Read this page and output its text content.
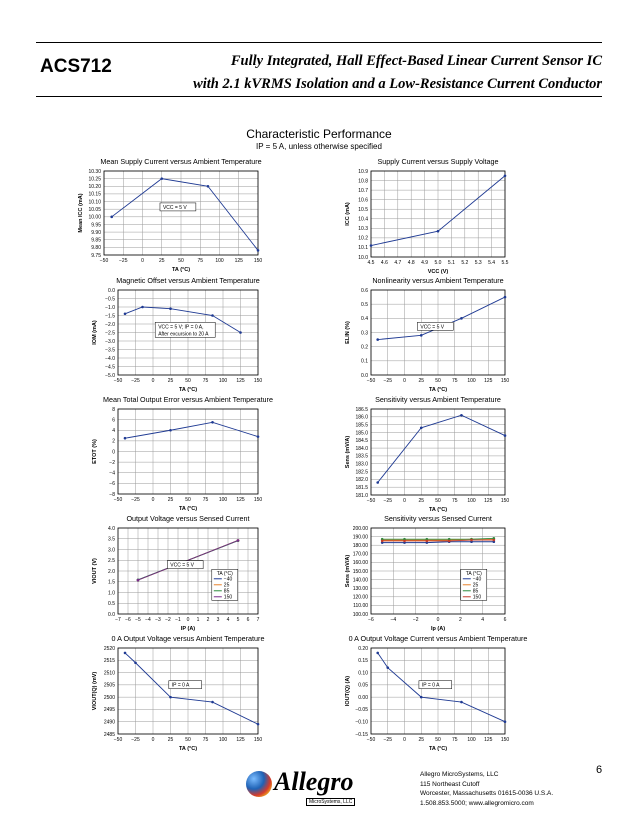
ACS712	Fully Integrated, Hall Effect-Based Linear Current Sensor IC
with 2.1 kVRMS Isolation and a Low-Resistance Current Conductor
Characteristic Performance
IP = 5 A, unless otherwise specified
Mean Supply Current versus Ambient Temperature
9.75
9.80
9.85
9.90
9.95
10.00
10.05
10.10
10.15
10.20
10.25
10.30
−50 −25	0	25	50	75 100 125 150
TA (°C)
Mean ICC (mA)	VCC = 5 V
Supply Current versus Supply Voltage
10.0
10.1
10.2
10.3
10.4
10.5
10.6
10.7
10.8
10.9
4.5 4.6 4.7 4.8 4.9 5.0 5.1 5.2 5.3 5.4 5.5
VCC (V)
ICC (mA)
Magnetic Offset versus Ambient Temperature
−5.0
−4.5
−4.0
−3.5
−3.0
−2.5
−2.0
−1.5
−1.0
−0.5
0.0
−50 −25 0	25 50 75 100 125 150
TA (°C)
IOM (mA)	VCC = 5 V; IP = 0 A,
After excursion to 20 A
Nonlinearity versus Ambient Temperature
0.0
0.1
0.2
0.3
0.4
0.5
0.6
−50 −25 0	25 50 75 100 125 150
TA (°C)
ELIN (%)	VCC = 5 V
Mean Total Output Error versus Ambient Temperature
−8
−6
−4
−2
0
2
4
6
8
−50 −25 0	25 50 75 100 125 150
TA (°C)
ETOT (%)
Sensitivity versus Ambient Temperature
181.0
181.5
182.0
182.5
183.0
183.5
184.0
184.5
185.0
185.5
186.0
186.5
−50 −25 0	25 50 75 100 125 150
TA (°C)
Sens (mV/A)
Output Voltage versus Sensed Current
0.0
0.5
1.0
1.5
2.0
2.5
3.0
3.5
4.0
−7 −6 −5 −4 −3 −2 −1 0 1 2 3 4 5 6 7
IP (A)
VIOUT (V)	VCC = 5 V
TA (°C)
−40
25
85
150
Sensitivity versus Sensed Current
100.00
110.00
120.00
130.00
140.00
150.00
160.00
170.00
180.00
190.00
200.00
−6	−4	−2	0	2	4	6
Ip (A)
Sens (mV/A)	TA (°C)
−40
25
85
150
0 A Output Voltage versus Ambient Temperature
2485
2490
2495
2500
2505
2510
2515
2520
−50 −25 0	25 50 75 100 125 150
TA (°C)
VIOUT(Q) (mV)	IP = 0 A
0 A Output Voltage Current versus Ambient Temperature
−0.15
−0.10
−0.05
0.00
0.05
0.10
0.15
0.20
−50 −25 0	25 50 75 100 125 150
TA (°C)
IOUT(Q) (A)	IP = 0 A
Allegro
MicroSystems, LLC
Allegro MicroSystems, LLC
115 Northeast Cutoff
Worcester, Massachusetts 01615-0036 U.S.A.
1.508.853.5000; www.allegromicro.com
6
